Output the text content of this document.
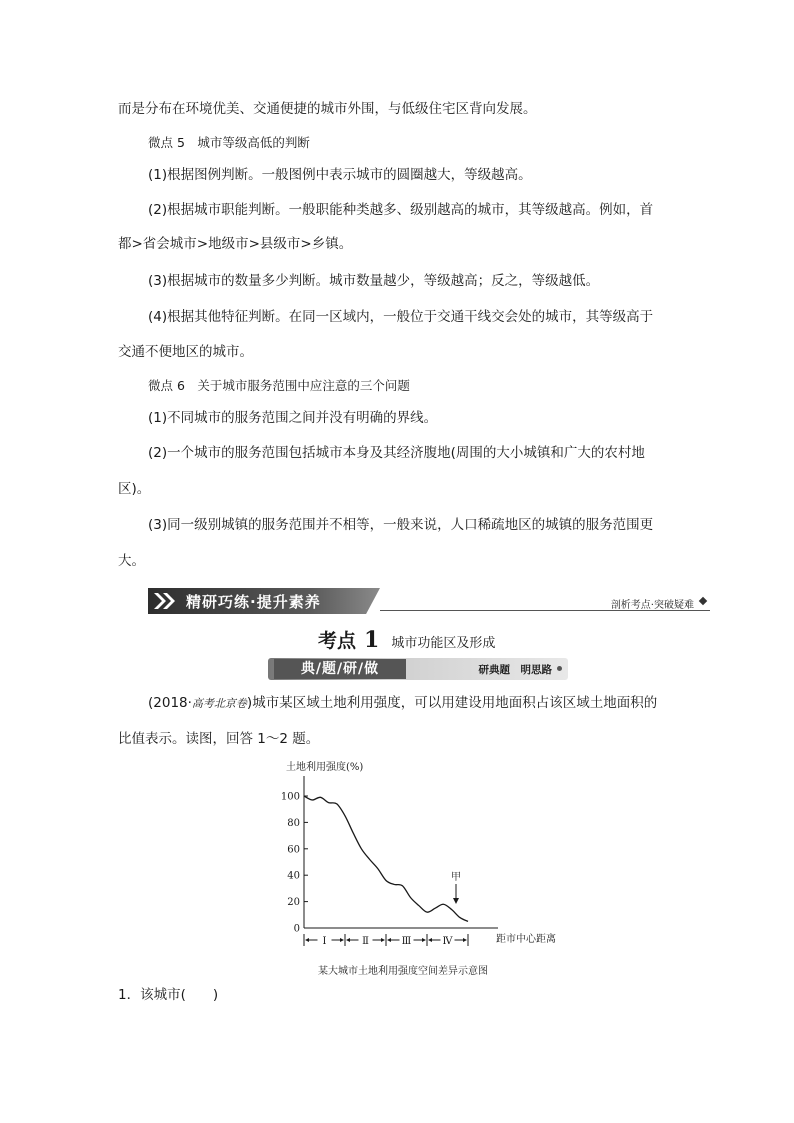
而是分布在环境优美、交通便捷的城市外围，与低级住宅区背向发展。
微点 5　城市等级高低的判断
(1)根据图例判断。一般图例中表示城市的圆圈越大，等级越高。
(2)根据城市职能判断。一般职能种类越多、级别越高的城市，其等级越高。例如，首
都>省会城市>地级市>县级市>乡镇。
(3)根据城市的数量多少判断。城市数量越少，等级越高；反之，等级越低。
(4)根据其他特征判断。在同一区域内，一般位于交通干线交会处的城市，其等级高于
交通不便地区的城市。
微点 6　关于城市服务范围中应注意的三个问题
(1)不同城市的服务范围之间并没有明确的界线。
(2)一个城市的服务范围包括城市本身及其经济腹地(周围的大小城镇和广大的农村地
区)。
(3)同一级别城镇的服务范围并不相等，一般来说，人口稀疏地区的城镇的服务范围更
大。
精研巧练·提升素养	剖析考点·突破疑难
考点 1 城市功能区及形成
典/题/研/做	研典题　明思路
(2018·高考北京卷)城市某区域土地利用强度，可以用建设用地面积占该区域土地面积的
比值表示。读图，回答 1～2 题。
土地利用强度(%)
0
20
40
60
80
100
甲
Ⅰ	Ⅱ	Ⅲ	Ⅳ	距市中心距离
某大城市土地利用强度空间差异示意图
1．该城市(　　)
